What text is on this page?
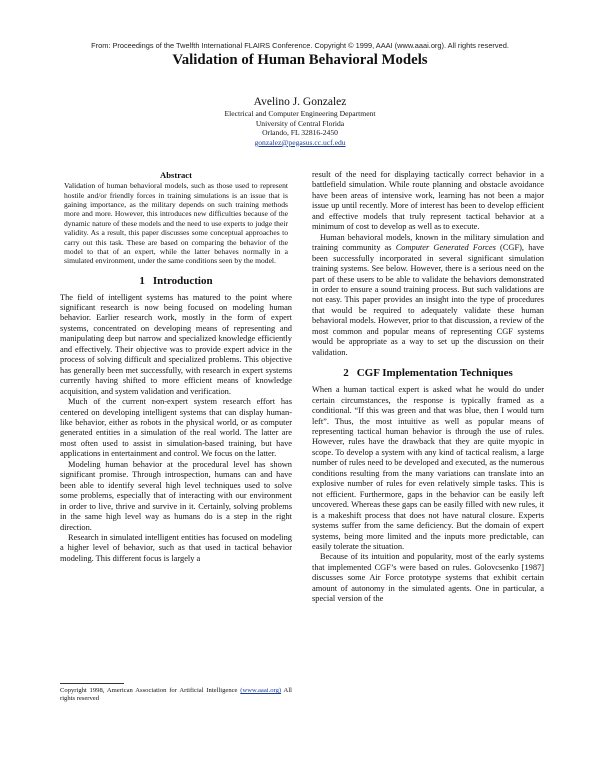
From: Proceedings of the Twelfth International FLAIRS Conference. Copyright © 1999, AAAI (www.aaai.org). All rights reserved.
Validation of Human Behavioral Models
Avelino J. Gonzalez
Electrical and Computer Engineering Department
University of Central Florida
Orlando, FL 32816-2450
gonzalez@pegasus.cc.ucf.edu
Abstract

Validation of human behavioral models, such as those used to represent hostile and/or friendly forces in training simulations is an issue that is gaining importance, as the military depends on such training methods more and more. However, this introduces new difficulties because of the dynamic nature of these models and the need to use experts to judge their validity. As a result, this paper discusses some conceptual approaches to carry out this task. These are based on comparing the behavior of the model to that of an expert, while the latter behaves normally in a simulated environment, under the same conditions seen by the model.

1 Introduction

The field of intelligent systems has matured to the point where significant research is now being focused on modeling human behavior. Earlier research work, mostly in the form of expert systems, concentrated on developing means of representing and manipulating deep but narrow and specialized knowledge efficiently and effectively. Their objective was to provide expert advice in the process of solving difficult and specialized problems. This objective has generally been met successfully, with research in expert systems currently having shifted to more efficient means of knowledge acquisition, and system validation and verification.

Much of the current non-expert system research effort has centered on developing intelligent systems that can display human-like behavior, either as robots in the physical world, or as computer generated entities in a simulation of the real world. The latter are most often used to assist in simulation-based training, but have applications in entertainment and control. We focus on the latter.

Modeling human behavior at the procedural level has shown significant promise. Through introspection, humans can and have been able to identify several high level techniques used to solve some problems, especially that of interacting with our environment in order to live, thrive and survive in it. Certainly, solving problems in the same high level way as humans do is a step in the right direction.

Research in simulated intelligent entities has focused on modeling a higher level of behavior, such as that used in tactical behavior modeling. This different focus is largely a

Copyright 1998, American Association for Artificial Intelligence (www.aaai.org) All rights reserved

result of the need for displaying tactically correct behavior in a battlefield simulation. While route planning and obstacle avoidance have been areas of intensive work, learning has not been a major issue up until recently. More of interest has been to develop efficient and effective models that truly represent tactical behavior at a minimum of cost to develop as well as to execute.

Human behavioral models, known in the military simulation and training community as Computer Generated Forces (CGF), have been successfully incorporated in several significant simulation training systems. See below. However, there is a serious need on the part of these users to be able to validate the behaviors demonstrated in order to ensure a sound training process. But such validations are not easy. This paper provides an insight into the type of procedures that would be required to adequately validate these human behavioral models. However, prior to that discussion, a review of the most common and popular means of representing CGF systems would be appropriate as a way to set up the discussion on their validation.

2 CGF Implementation Techniques

When a human tactical expert is asked what he would do under certain circumstances, the response is typically framed as a conditional. “If this was green and that was blue, then I would turn left”. Thus, the most intuitive as well as popular means of representing tactical human behavior is through the use of rules. However, rules have the drawback that they are quite myopic in scope. To develop a system with any kind of tactical realism, a large number of rules need to be developed and executed, as the numerous conditions resulting from the many variations can translate into an explosive number of rules for even relatively simple tasks. This is not efficient. Furthermore, gaps in the behavior can be easily left uncovered. Whereas these gaps can be easily filled with new rules, it is a makeshift process that does not have natural closure. Experts systems suffer from the same deficiency. But the domain of expert systems, being more limited and the inputs more predictable, can easily tolerate the situation.

Because of its intuition and popularity, most of the early systems that implemented CGF’s were based on rules. Golovcsenko [1987] discusses some Air Force prototype systems that exhibit certain amount of autonomy in the simulated agents. One in particular, a special version of the
